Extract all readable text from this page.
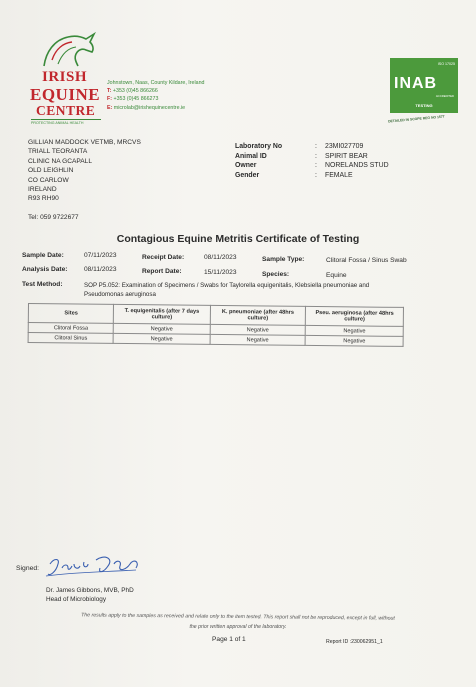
IRISH
EQUINE
CENTRE
PROTECTING ANIMAL HEALTH
Johnstown, Naas, County Kildare, Ireland
T: +353 (0)45 866266
F: +353 (0)45 866273
E: microlab@irishequinecentre.ie
ISO 17025
INAB
ACCREDITED
TESTING
DETAILED IN SCOPE REG NO 157T
GILLIAN MADDOCK VETMB, MRCVS
TRIALL TEORANTA
CLINIC NA GCAPALL
OLD LEIGHLIN
CO CARLOW
IRELAND
R93 RH90
Tel: 059 9722677
Laboratory No	:	23MI027709
Animal ID	:	SPIRIT BEAR
Owner	:	NORELANDS STUD
Gender	:	FEMALE
Contagious Equine Metritis Certificate of Testing
Sample Date:	07/11/2023	Receipt Date:	08/11/2023	Sample Type:	Clitoral Fossa / Sinus Swab
Analysis Date:	08/11/2023	Report Date:	15/11/2023	Species:	Equine
Test Method:	SOP P5.052: Examination of Specimens / Swabs for Taylorella equigenitalis, Klebsiella pneumoniae and
Pseudomonas aeruginosa
Sites	T. equigenitalis (after 7 days culture)	K. pneumoniae (after 48hrs culture)	Pseu. aeruginosa (after 48hrs culture)
Clitoral Fossa	Negative	Negative	Negative
Clitoral Sinus	Negative	Negative	Negative
Signed:
Dr. James Gibbons, MVB, PhD
Head of Microbiology
The results apply to the samples as received and relate only to the item tested. This report shall not be reproduced, except in full, without
the prior written approval of the laboratory.
Page 1 of 1	Report ID :230062951_1
